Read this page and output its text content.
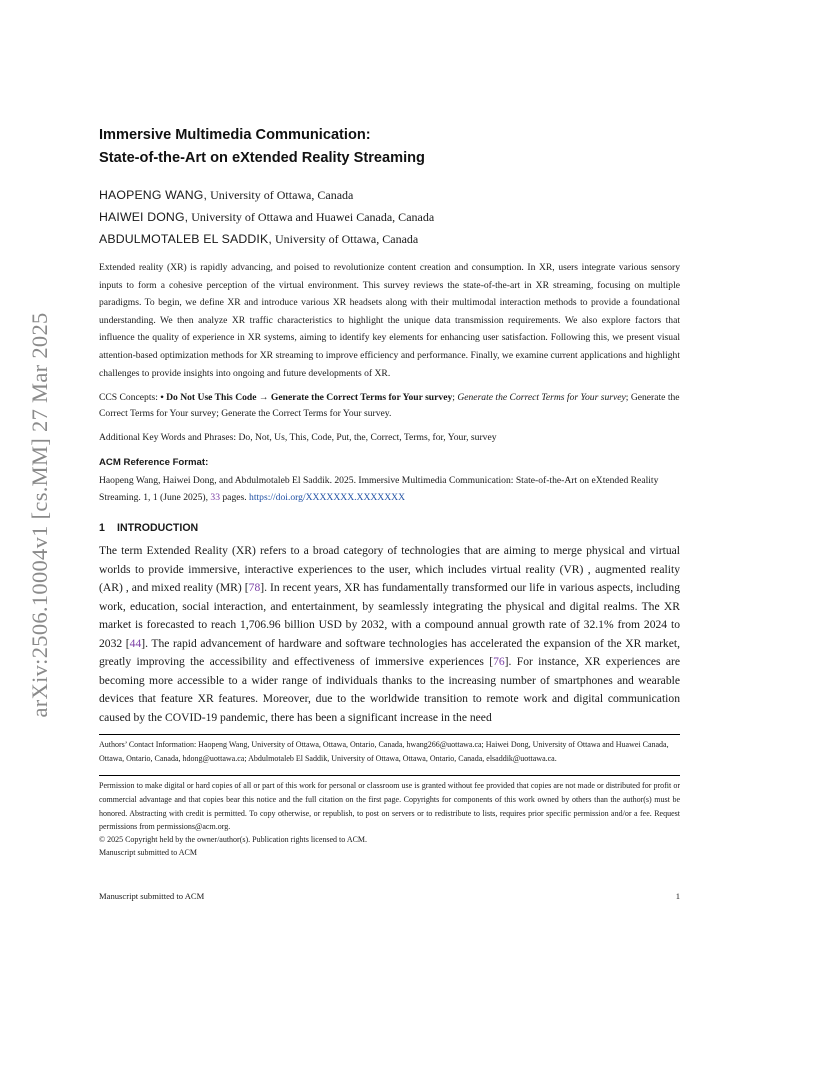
arXiv:2506.10004v1 [cs.MM] 27 Mar 2025
Immersive Multimedia Communication:
State-of-the-Art on eXtended Reality Streaming
HAOPENG WANG, University of Ottawa, Canada
HAIWEI DONG, University of Ottawa and Huawei Canada, Canada
ABDULMOTALEB EL SADDIK, University of Ottawa, Canada

Extended reality (XR) is rapidly advancing, and poised to revolutionize content creation and consumption. In XR, users integrate various sensory inputs to form a cohesive perception of the virtual environment. This survey reviews the state-of-the-art in XR streaming, focusing on multiple paradigms. To begin, we define XR and introduce various XR headsets along with their multimodal interaction methods to provide a foundational understanding. We then analyze XR traffic characteristics to highlight the unique data transmission requirements. We also explore factors that influence the quality of experience in XR systems, aiming to identify key elements for enhancing user satisfaction. Following this, we present visual attention-based optimization methods for XR streaming to improve efficiency and performance. Finally, we examine current applications and highlight challenges to provide insights into ongoing and future developments of XR.

CCS Concepts: • Do Not Use This Code → Generate the Correct Terms for Your survey; Generate the Correct Terms for Your survey; Generate the Correct Terms for Your survey; Generate the Correct Terms for Your survey.

Additional Key Words and Phrases: Do, Not, Us, This, Code, Put, the, Correct, Terms, for, Your, survey

ACM Reference Format:

Haopeng Wang, Haiwei Dong, and Abdulmotaleb El Saddik. 2025. Immersive Multimedia Communication: State-of-the-Art on eXtended Reality Streaming. 1, 1 (June 2025), 33 pages. https://doi.org/XXXXXXX.XXXXXXX

1 INTRODUCTION

The term Extended Reality (XR) refers to a broad category of technologies that are aiming to merge physical and virtual worlds to provide immersive, interactive experiences to the user, which includes virtual reality (VR) , augmented reality (AR) , and mixed reality (MR) [78]. In recent years, XR has fundamentally transformed our life in various aspects, including work, education, social interaction, and entertainment, by seamlessly integrating the physical and digital realms. The XR market is forecasted to reach 1,706.96 billion USD by 2032, with a compound annual growth rate of 32.1% from 2024 to 2032 [44]. The rapid advancement of hardware and software technologies has accelerated the expansion of the XR market, greatly improving the accessibility and effectiveness of immersive experiences [76]. For instance, XR experiences are becoming more accessible to a wider range of individuals thanks to the increasing number of smartphones and wearable devices that feature XR features. Moreover, due to the worldwide transition to remote work and digital communication caused by the COVID-19 pandemic, there has been a significant increase in the need

Authors’ Contact Information: Haopeng Wang, University of Ottawa, Ottawa, Ontario, Canada, hwang266@uottawa.ca; Haiwei Dong, University of Ottawa and Huawei Canada, Ottawa, Ontario, Canada, hdong@uottawa.ca; Abdulmotaleb El Saddik, University of Ottawa, Ottawa, Ontario, Canada, elsaddik@uottawa.ca.

Permission to make digital or hard copies of all or part of this work for personal or classroom use is granted without fee provided that copies are not made or distributed for profit or commercial advantage and that copies bear this notice and the full citation on the first page. Copyrights for components of this work owned by others than the author(s) must be honored. Abstracting with credit is permitted. To copy otherwise, or republish, to post on servers or to redistribute to lists, requires prior specific permission and/or a fee. Request permissions from permissions@acm.org.

© 2025 Copyright held by the owner/author(s). Publication rights licensed to ACM.

Manuscript submitted to ACM

Manuscript submitted to ACM	1
